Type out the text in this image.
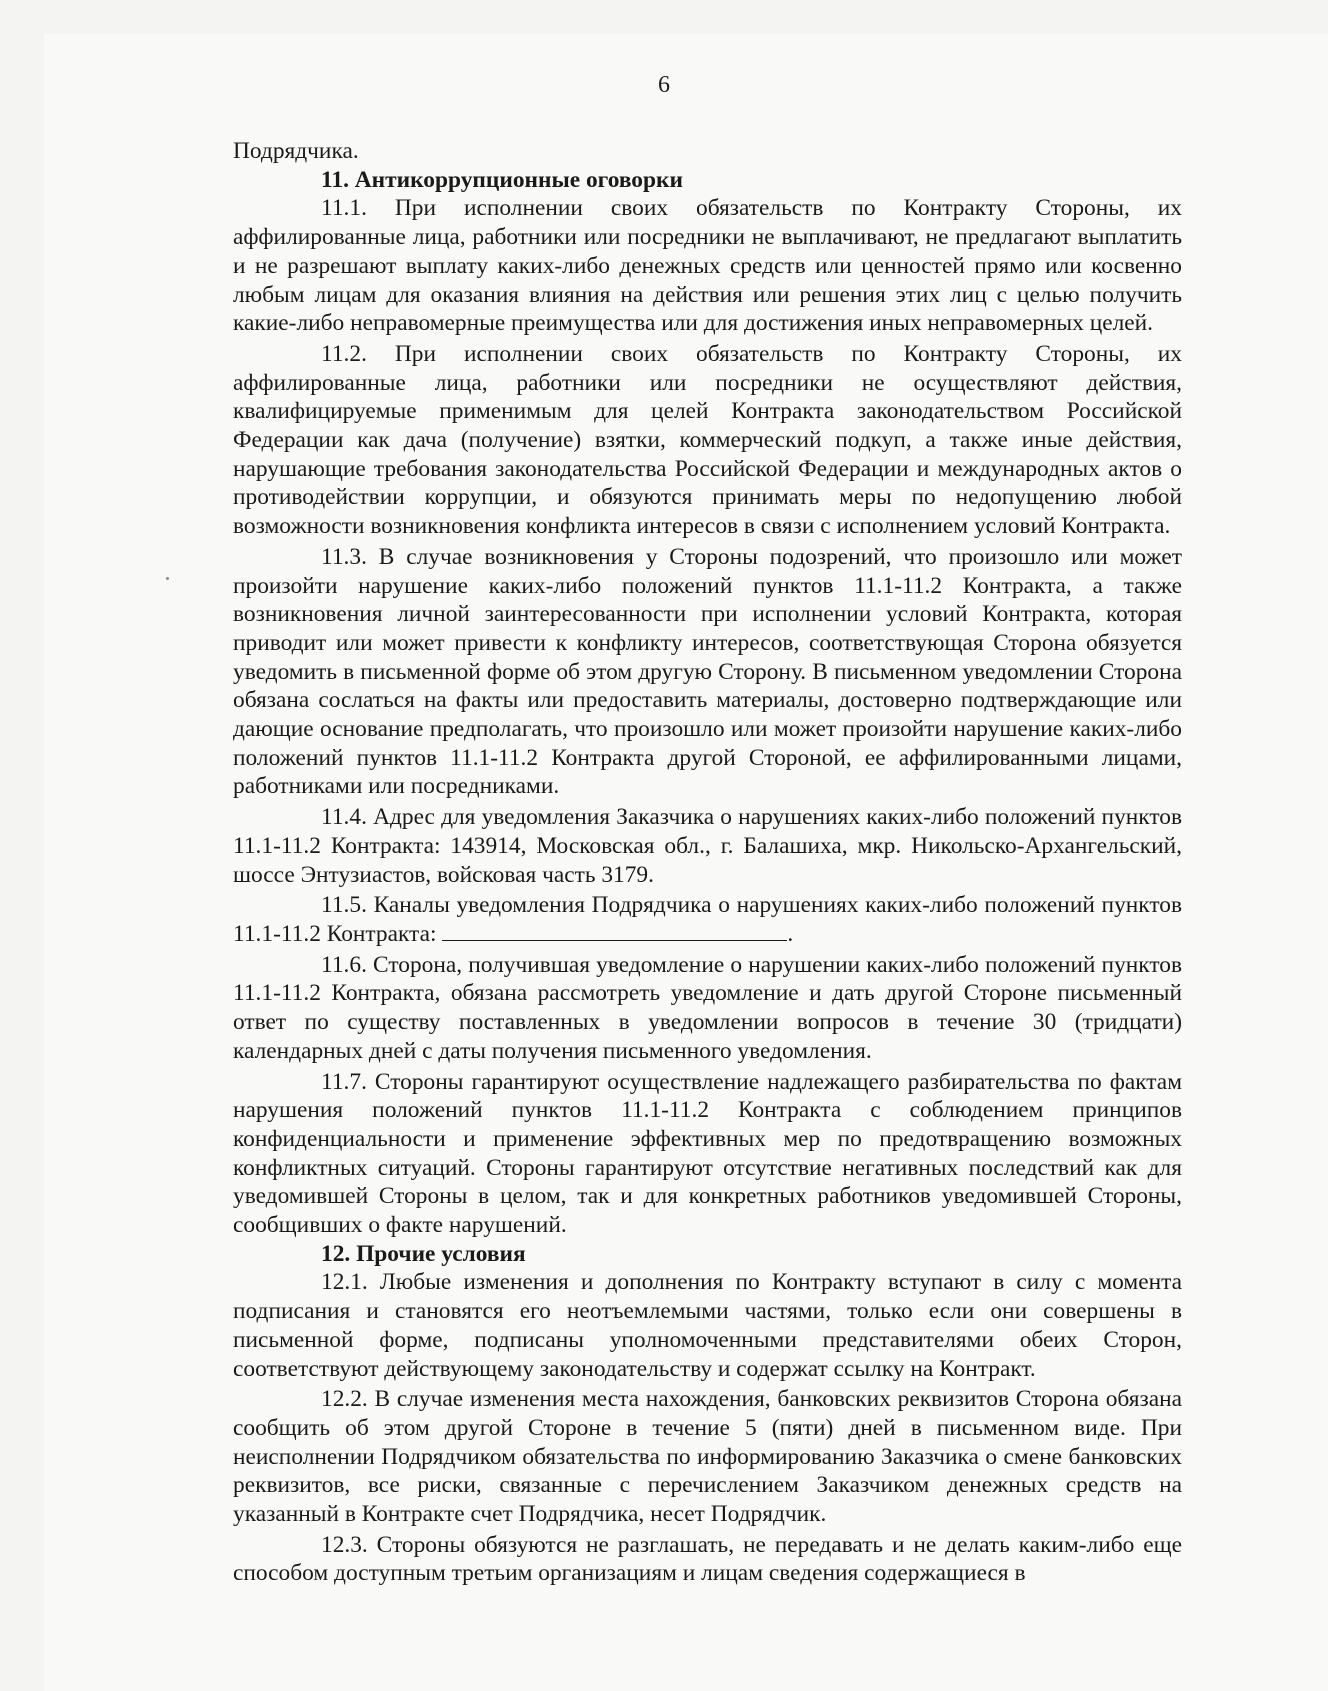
6

Подрядчика.

11. Антикоррупционные оговорки

11.1. При исполнении своих обязательств по Контракту Стороны, их аффилированные лица, работники или посредники не выплачивают, не предлагают выплатить и не разрешают выплату каких-либо денежных средств или ценностей прямо или косвенно любым лицам для оказания влияния на действия или решения этих лиц с целью получить какие-либо неправомерные преимущества или для достижения иных неправомерных целей.

11.2. При исполнении своих обязательств по Контракту Стороны, их аффилированные лица, работники или посредники не осуществляют действия, квалифицируемые применимым для целей Контракта законодательством Российской Федерации как дача (получение) взятки, коммерческий подкуп, а также иные действия, нарушающие требования законодательства Российской Федерации и международных актов о противодействии коррупции, и обязуются принимать меры по недопущению любой возможности возникновения конфликта интересов в связи с исполнением условий Контракта.

11.3. В случае возникновения у Стороны подозрений, что произошло или может произойти нарушение каких-либо положений пунктов 11.1-11.2 Контракта, а также возникновения личной заинтересованности при исполнении условий Контракта, которая приводит или может привести к конфликту интересов, соответствующая Сторона обязуется уведомить в письменной форме об этом другую Сторону. В письменном уведомлении Сторона обязана сослаться на факты или предоставить материалы, достоверно подтверждающие или дающие основание предполагать, что произошло или может произойти нарушение каких-либо положений пунктов 11.1-11.2 Контракта другой Стороной, ее аффилированными лицами, работниками или посредниками.

11.4. Адрес для уведомления Заказчика о нарушениях каких-либо положений пунктов 11.1-11.2 Контракта: 143914, Московская обл., г. Балашиха, мкр. Никольско-Архангельский, шоссе Энтузиастов, войсковая часть 3179.

11.5. Каналы уведомления Подрядчика о нарушениях каких-либо положений пунктов 11.1-11.2 Контракта:	.

11.6. Сторона, получившая уведомление о нарушении каких-либо положений пунктов 11.1-11.2 Контракта, обязана рассмотреть уведомление и дать другой Стороне письменный ответ по существу поставленных в уведомлении вопросов в течение 30 (тридцати) календарных дней с даты получения письменного уведомления.

11.7. Стороны гарантируют осуществление надлежащего разбирательства по фактам нарушения положений пунктов 11.1-11.2 Контракта с соблюдением принципов конфиденциальности и применение эффективных мер по предотвращению возможных конфликтных ситуаций. Стороны гарантируют отсутствие негативных последствий как для уведомившей Стороны в целом, так и для конкретных работников уведомившей Стороны, сообщивших о факте нарушений.

12. Прочие условия

12.1. Любые изменения и дополнения по Контракту вступают в силу с момента подписания и становятся его неотъемлемыми частями, только если они совершены в письменной форме, подписаны уполномоченными представителями обеих Сторон, соответствуют действующему законодательству и содержат ссылку на Контракт.

12.2. В случае изменения места нахождения, банковских реквизитов Сторона обязана сообщить об этом другой Стороне в течение 5 (пяти) дней в письменном виде. При неисполнении Подрядчиком обязательства по информированию Заказчика о смене банковских реквизитов, все риски, связанные с перечислением Заказчиком денежных средств на указанный в Контракте счет Подрядчика, несет Подрядчик.

12.3. Стороны обязуются не разглашать, не передавать и не делать каким-либо еще способом доступным третьим организациям и лицам сведения содержащиеся в
